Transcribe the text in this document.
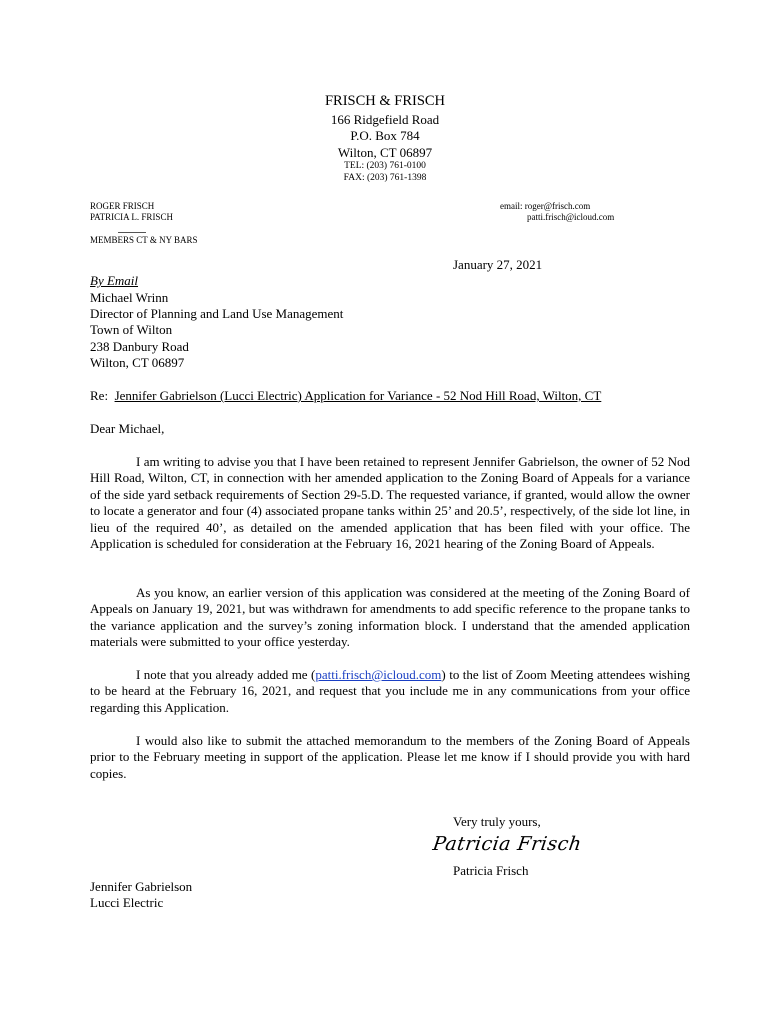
FRISCH & FRISCH
166 Ridgefield Road
P.O. Box 784
Wilton, CT 06897
TEL: (203) 761-0100
FAX: (203) 761-1398
ROGER FRISCH
PATRICIA L. FRISCH
MEMBERS CT & NY BARS
email: roger@frisch.com
patti.frisch@icloud.com
January 27, 2021
By Email
Michael Wrinn
Director of Planning and Land Use Management
Town of Wilton
238 Danbury Road
Wilton, CT 06897
Re: Jennifer Gabrielson (Lucci Electric) Application for Variance - 52 Nod Hill Road, Wilton, CT
Dear Michael,
I am writing to advise you that I have been retained to represent Jennifer Gabrielson, the owner of 52 Nod Hill Road, Wilton, CT, in connection with her amended application to the Zoning Board of Appeals for a variance of the side yard setback requirements of Section 29-5.D. The requested variance, if granted, would allow the owner to locate a generator and four (4) associated propane tanks within 25’ and 20.5’, respectively, of the side lot line, in lieu of the required 40’, as detailed on the amended application that has been filed with your office. The Application is scheduled for consideration at the February 16, 2021 hearing of the Zoning Board of Appeals.
As you know, an earlier version of this application was considered at the meeting of the Zoning Board of Appeals on January 19, 2021, but was withdrawn for amendments to add specific reference to the propane tanks to the variance application and the survey’s zoning information block. I understand that the amended application materials were submitted to your office yesterday.
I note that you already added me (patti.frisch@icloud.com) to the list of Zoom Meeting attendees wishing to be heard at the February 16, 2021, and request that you include me in any communications from your office regarding this Application.
I would also like to submit the attached memorandum to the members of the Zoning Board of Appeals prior to the February meeting in support of the application. Please let me know if I should provide you with hard copies.
Very truly yours,
Patricia Frisch
Patricia Frisch
Jennifer Gabrielson
Lucci Electric
